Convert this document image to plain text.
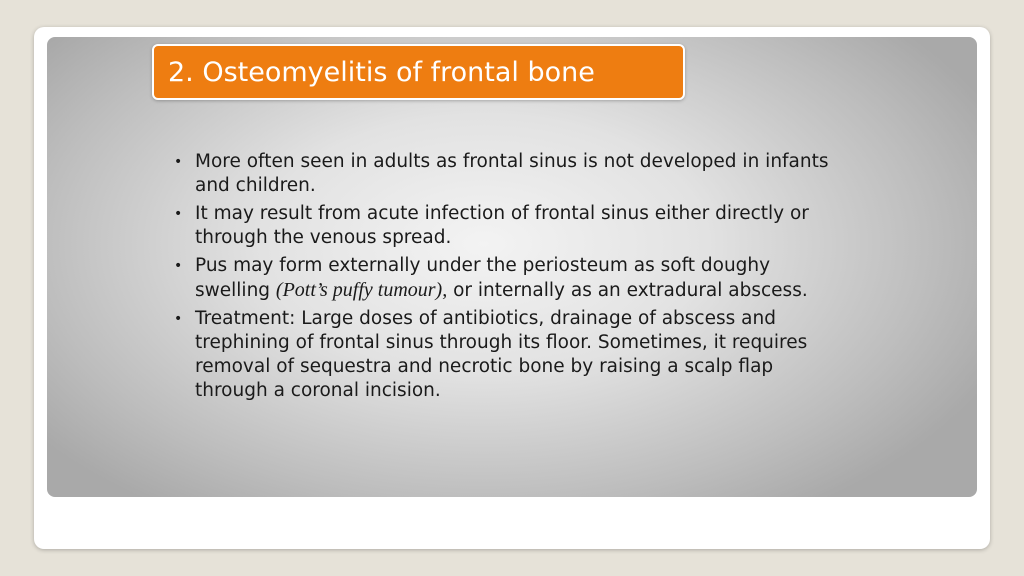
2. Osteomyelitis of frontal bone
• More often seen in adults as frontal sinus is not developed in infants and children.
• It may result from acute infection of frontal sinus either directly or through the venous spread.
• Pus may form externally under the periosteum as soft doughy swelling (Pott’s puffy tumour), or internally as an extradural abscess.
• Treatment: Large doses of antibiotics, drainage of abscess and trephining of frontal sinus through its floor. Sometimes, it requires removal of sequestra and necrotic bone by raising a scalp flap through a coronal incision.
